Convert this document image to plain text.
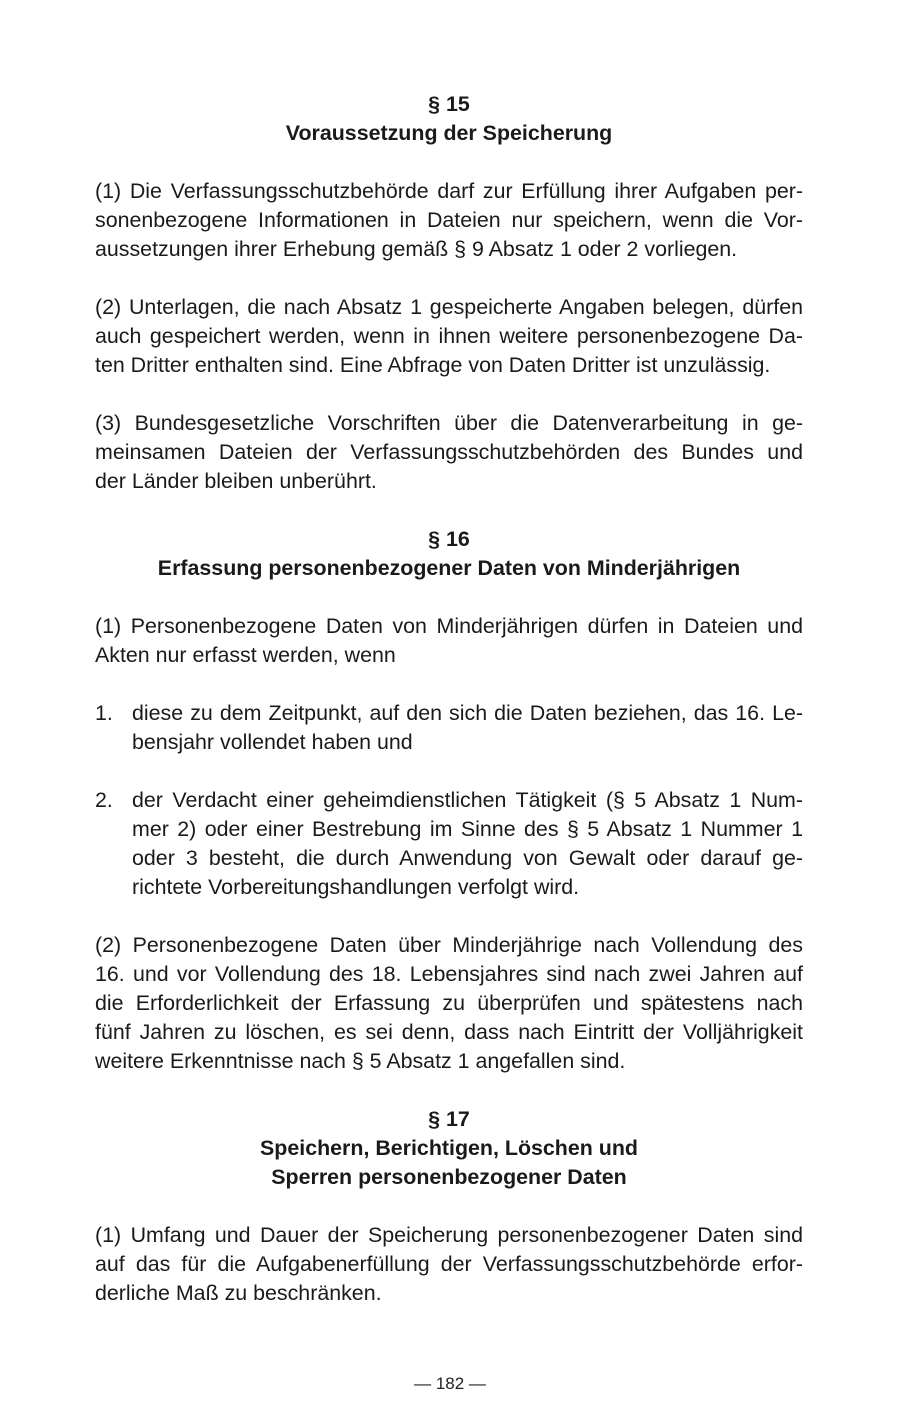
§ 15
Voraussetzung der Speicherung
(1) Die Verfassungsschutzbehörde darf zur Erfüllung ihrer Aufgaben per-
sonenbezogene Informationen in Dateien nur speichern, wenn die Vor-
aussetzungen ihrer Erhebung gemäß § 9 Absatz 1 oder 2 vorliegen.
(2) Unterlagen, die nach Absatz 1 gespeicherte Angaben belegen, dürfen
auch gespeichert werden, wenn in ihnen weitere personenbezogene Da-
ten Dritter enthalten sind. Eine Abfrage von Daten Dritter ist unzulässig.
(3) Bundesgesetzliche Vorschriften über die Datenverarbeitung in ge-
meinsamen Dateien der Verfassungsschutzbehörden des Bundes und
der Länder bleiben unberührt.
§ 16
Erfassung personenbezogener Daten von Minderjährigen
(1) Personenbezogene Daten von Minderjährigen dürfen in Dateien und
Akten nur erfasst werden, wenn
1. diese zu dem Zeitpunkt, auf den sich die Daten beziehen, das 16. Le-
bensjahr vollendet haben und
2. der Verdacht einer geheimdienstlichen Tätigkeit (§ 5 Absatz 1 Num-
mer 2) oder einer Bestrebung im Sinne des § 5 Absatz 1 Nummer 1
oder 3 besteht, die durch Anwendung von Gewalt oder darauf ge-
richtete Vorbereitungshandlungen verfolgt wird.
(2) Personenbezogene Daten über Minderjährige nach Vollendung des
16. und vor Vollendung des 18. Lebensjahres sind nach zwei Jahren auf
die Erforderlichkeit der Erfassung zu überprüfen und spätestens nach
fünf Jahren zu löschen, es sei denn, dass nach Eintritt der Volljährigkeit
weitere Erkenntnisse nach § 5 Absatz 1 angefallen sind.
§ 17
Speichern, Berichtigen, Löschen und
Sperren personenbezogener Daten
(1) Umfang und Dauer der Speicherung personenbezogener Daten sind
auf das für die Aufgabenerfüllung der Verfassungsschutzbehörde erfor-
derliche Maß zu beschränken.
— 182 —
